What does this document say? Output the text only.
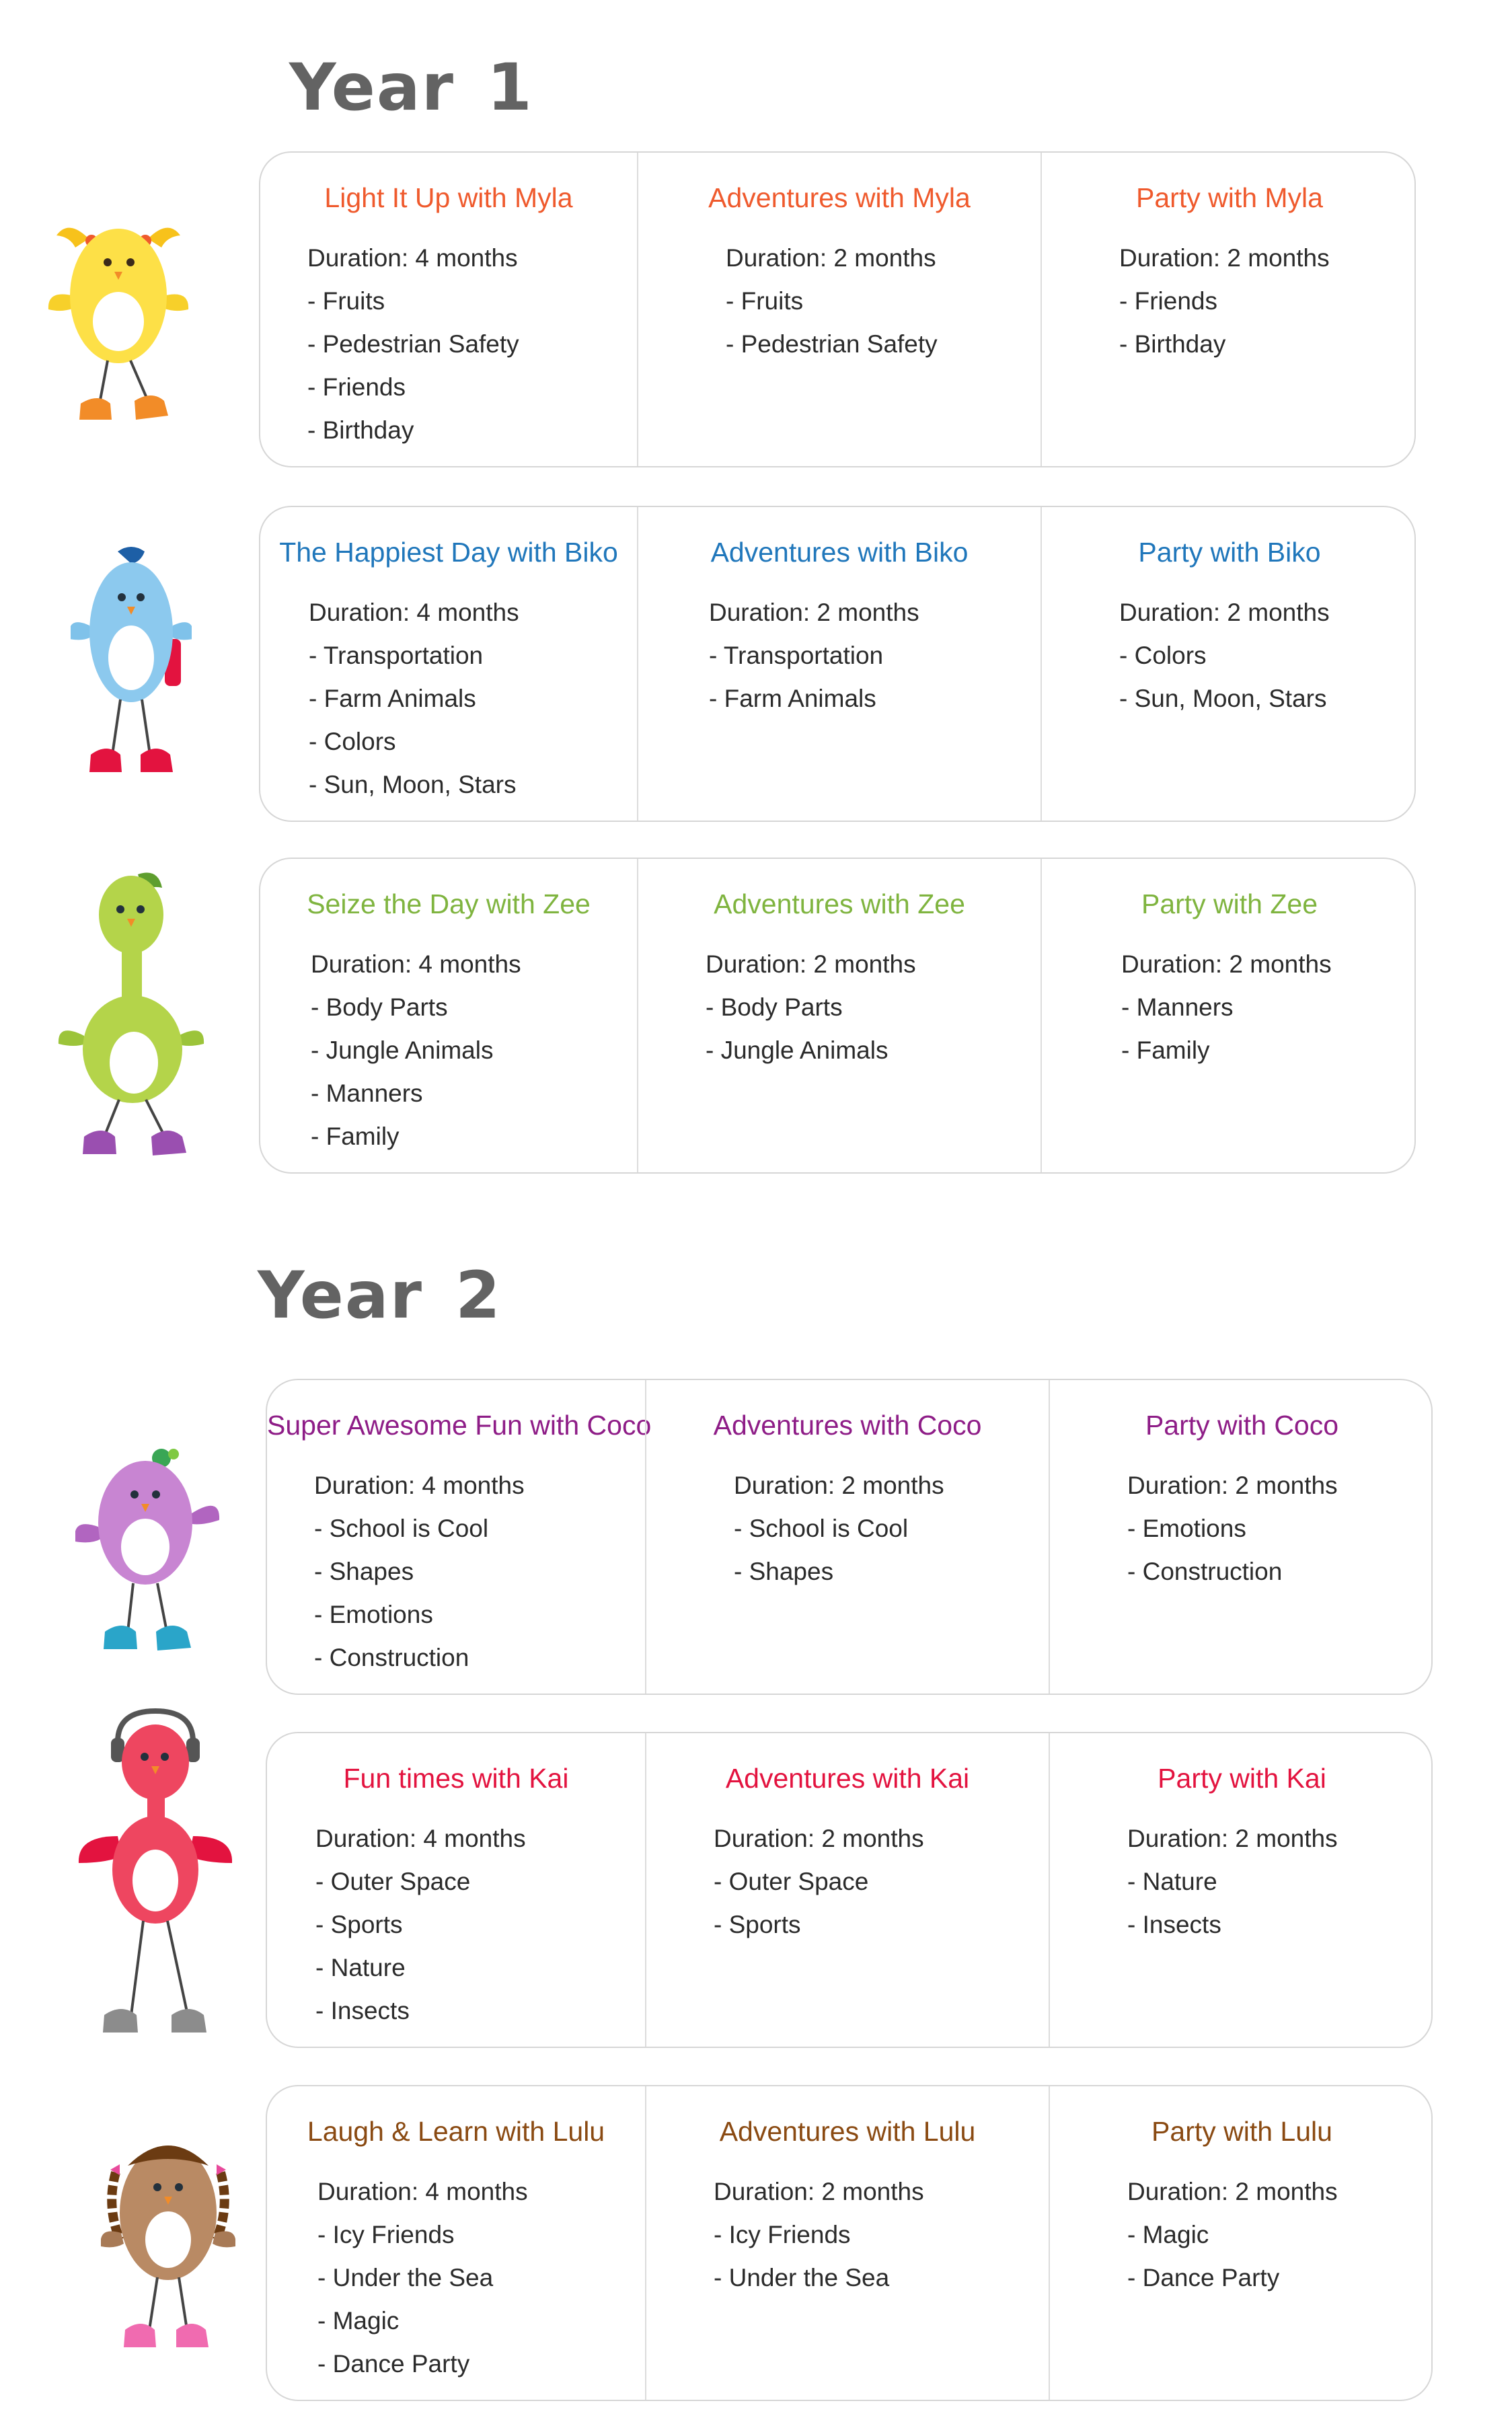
Year 1
Light It Up with Myla
Duration: 4 months
- Fruits
- Pedestrian Safety
- Friends
- Birthday
Adventures with Myla
Duration: 2 months
- Fruits
- Pedestrian Safety
Party with Myla
Duration: 2 months
- Friends
- Birthday
The Happiest Day with Biko
Duration: 4 months
- Transportation
- Farm Animals
- Colors
- Sun, Moon, Stars
Adventures with Biko
Duration: 2 months
- Transportation
- Farm Animals
Party with Biko
Duration: 2 months
- Colors
- Sun, Moon, Stars
Seize the Day with Zee
Duration: 4 months
- Body Parts
- Jungle Animals
- Manners
- Family
Adventures with Zee
Duration: 2 months
- Body Parts
- Jungle Animals
Party with Zee
Duration: 2 months
- Manners
- Family
Year 2
Super Awesome Fun with Coco
Duration: 4 months
- School is Cool
- Shapes
- Emotions
- Construction
Adventures with Coco
Duration: 2 months
- School is Cool
- Shapes
Party with Coco
Duration: 2 months
- Emotions
- Construction
Fun times with Kai
Duration: 4 months
- Outer Space
- Sports
- Nature
- Insects
Adventures with Kai
Duration: 2 months
- Outer Space
- Sports
Party with Kai
Duration: 2 months
- Nature
- Insects
Laugh & Learn with Lulu
Duration: 4 months
- Icy Friends
- Under the Sea
- Magic
- Dance Party
Adventures with Lulu
Duration: 2 months
- Icy Friends
- Under the Sea
Party with Lulu
Duration: 2 months
- Magic
- Dance Party
